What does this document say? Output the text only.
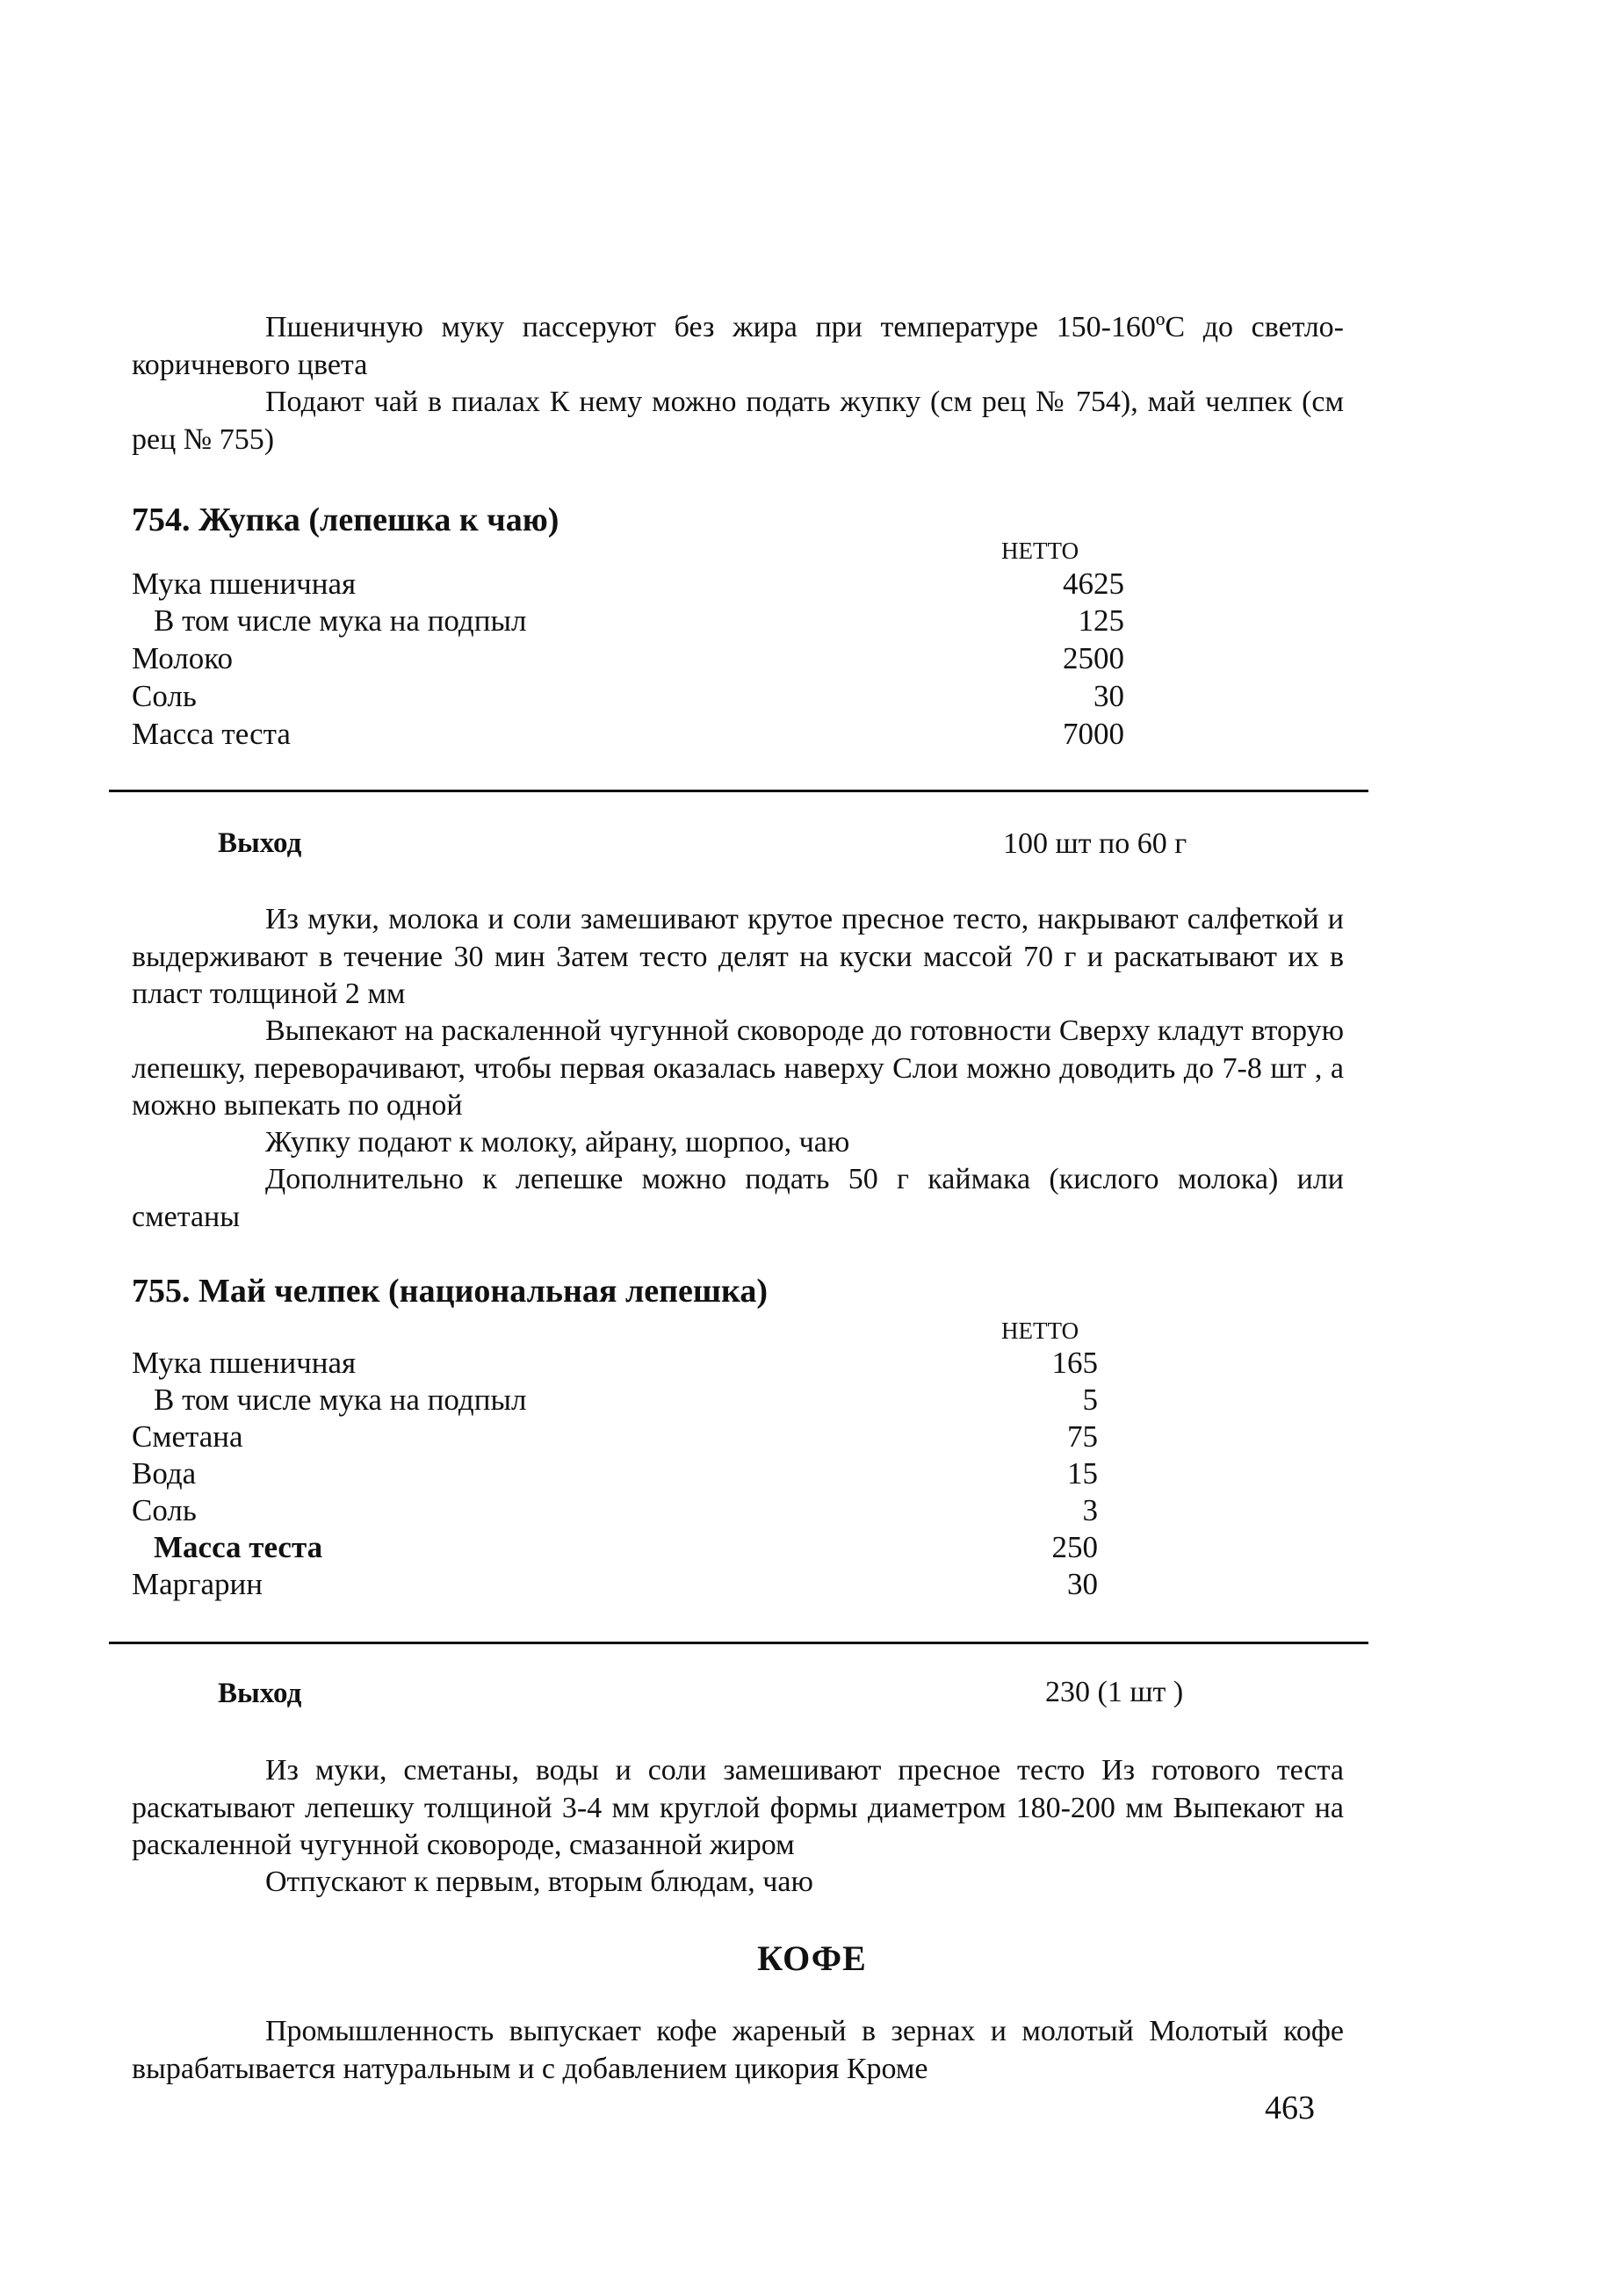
Пшеничную муку пассеруют без жира при температуре 150-160ºС до светло-коричневого цвета

Подают чай в пиалах К нему можно подать жупку (см рец № 754), май челпек (см рец № 755)

754. Жупка (лепешка к чаю)
НЕТТО
Мука пшеничная	4625
В том числе мука на подпыл	125
Молоко	2500
Соль	30
Масса теста	7000
Выход	100 шт по 60 г

Из муки, молока и соли замешивают крутое пресное тесто, накрывают салфеткой и выдерживают в течение 30 мин Затем тесто делят на куски массой 70 г и раскатывают их в пласт толщиной 2 мм

Выпекают на раскаленной чугунной сковороде до готовности Сверху кладут вторую лепешку, переворачивают, чтобы первая оказалась наверху Слои можно доводить до 7-8 шт , а можно выпекать по одной

Жупку подают к молоку, айрану, шорпоо, чаю

Дополнительно к лепешке можно подать 50 г каймака (кислого молока) или сметаны

755. Май челпек (национальная лепешка)
НЕТТО
Мука пшеничная	165
В том числе мука на подпыл	5
Сметана	75
Вода	15
Соль	3
Масса теста	250
Маргарин	30
Выход	230 (1 шт )

Из муки, сметаны, воды и соли замешивают пресное тесто Из готового теста раскатывают лепешку толщиной 3-4 мм круглой формы диаметром 180-200 мм Выпекают на раскаленной чугунной сковороде, смазанной жиром

Отпускают к первым, вторым блюдам, чаю

КОФЕ

Промышленность выпускает кофе жареный в зернах и молотый Молотый кофе вырабатывается натуральным и с добавлением цикория Кроме

463
